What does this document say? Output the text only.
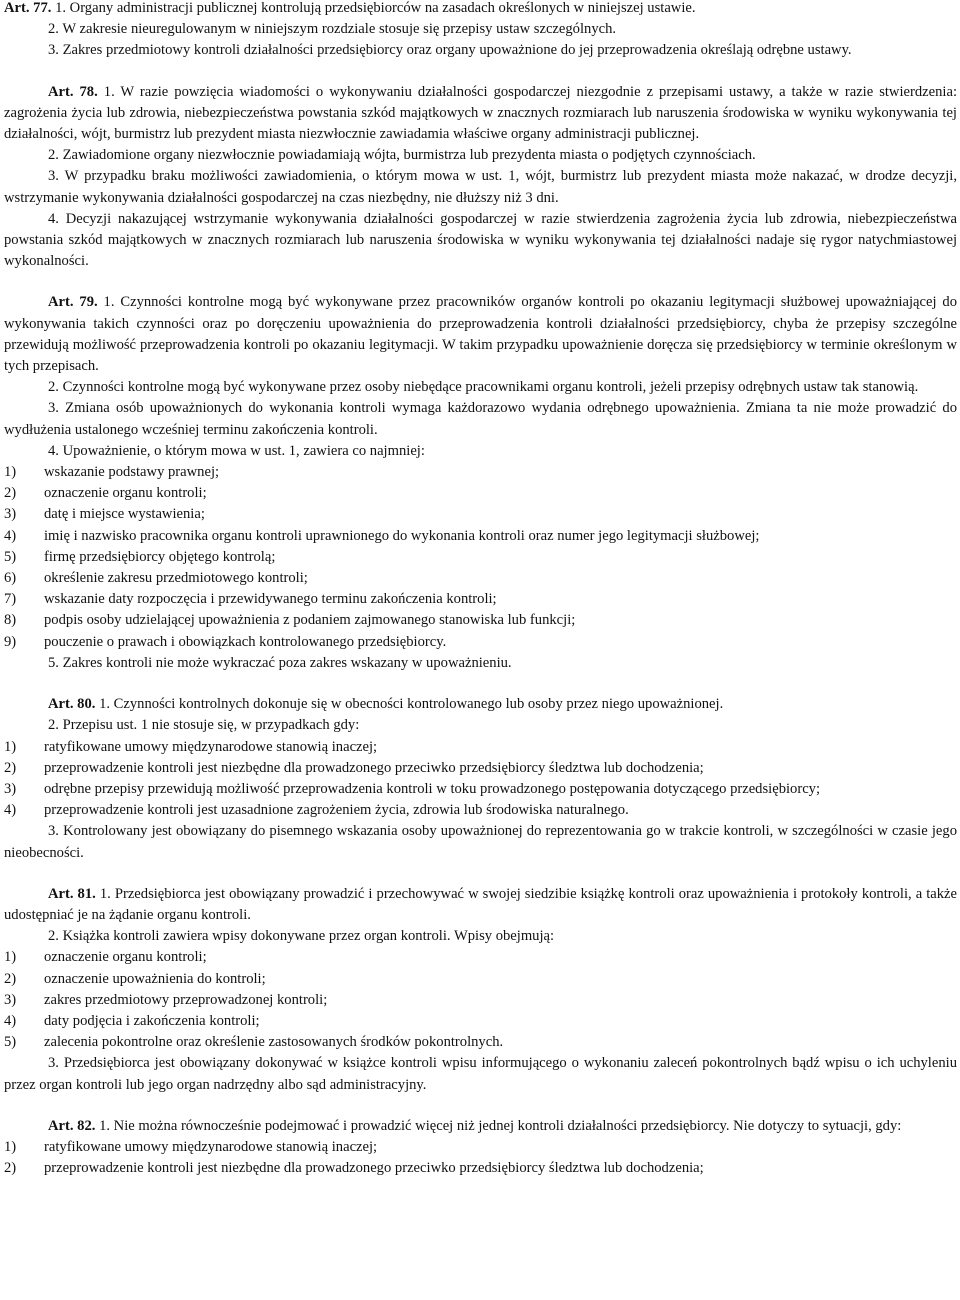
Art. 77. 1. Organy administracji publicznej kontrolują przedsiębiorców na zasadach określonych w niniejszej ustawie.

2. W zakresie nieuregulowanym w niniejszym rozdziale stosuje się przepisy ustaw szczególnych.

3. Zakres przedmiotowy kontroli działalności przedsiębiorcy oraz organy upoważnione do jej przeprowadzenia określają odrębne ustawy.

Art. 78. 1. W razie powzięcia wiadomości o wykonywaniu działalności gospodarczej niezgodnie z przepisami ustawy, a także w razie stwierdzenia: zagrożenia życia lub zdrowia, niebezpieczeństwa powstania szkód majątkowych w znacznych rozmiarach lub naruszenia środowiska w wyniku wykonywania tej działalności, wójt, burmistrz lub prezydent miasta niezwłocznie zawiadamia właściwe organy administracji publicznej.

2. Zawiadomione organy niezwłocznie powiadamiają wójta, burmistrza lub prezydenta miasta o podjętych czynnościach.

3. W przypadku braku możliwości zawiadomienia, o którym mowa w ust. 1, wójt, burmistrz lub prezydent miasta może nakazać, w drodze decyzji, wstrzymanie wykonywania działalności gospodarczej na czas niezbędny, nie dłuższy niż 3 dni.

4. Decyzji nakazującej wstrzymanie wykonywania działalności gospodarczej w razie stwierdzenia zagrożenia życia lub zdrowia, niebezpieczeństwa powstania szkód majątkowych w znacznych rozmiarach lub naruszenia środowiska w wyniku wykonywania tej działalności nadaje się rygor natychmiastowej wykonalności.

Art. 79. 1. Czynności kontrolne mogą być wykonywane przez pracowników organów kontroli po okazaniu legitymacji służbowej upoważniającej do wykonywania takich czynności oraz po doręczeniu upoważnienia do przeprowadzenia kontroli działalności przedsiębiorcy, chyba że przepisy szczególne przewidują możliwość przeprowadzenia kontroli po okazaniu legitymacji. W takim przypadku upoważnienie doręcza się przedsiębiorcy w terminie określonym w tych przepisach.

2. Czynności kontrolne mogą być wykonywane przez osoby niebędące pracownikami organu kontroli, jeżeli przepisy odrębnych ustaw tak stanowią.

3. Zmiana osób upoważnionych do wykonania kontroli wymaga każdorazowo wydania odrębnego upoważnienia. Zmiana ta nie może prowadzić do wydłużenia ustalonego wcześniej terminu zakończenia kontroli.

4. Upoważnienie, o którym mowa w ust. 1, zawiera co najmniej:

1)	wskazanie podstawy prawnej;
2)	oznaczenie organu kontroli;
3)	datę i miejsce wystawienia;
4)	imię i nazwisko pracownika organu kontroli uprawnionego do wykonania kontroli oraz numer jego legitymacji służbowej;
5)	firmę przedsiębiorcy objętego kontrolą;
6)	określenie zakresu przedmiotowego kontroli;
7)	wskazanie daty rozpoczęcia i przewidywanego terminu zakończenia kontroli;
8)	podpis osoby udzielającej upoważnienia z podaniem zajmowanego stanowiska lub funkcji;
9)	pouczenie o prawach i obowiązkach kontrolowanego przedsiębiorcy.

5. Zakres kontroli nie może wykraczać poza zakres wskazany w upoważnieniu.

Art. 80. 1. Czynności kontrolnych dokonuje się w obecności kontrolowanego lub osoby przez niego upoważnionej.

2. Przepisu ust. 1 nie stosuje się, w przypadkach gdy:

1)	ratyfikowane umowy międzynarodowe stanowią inaczej;
2)	przeprowadzenie kontroli jest niezbędne dla prowadzonego przeciwko przedsiębiorcy śledztwa lub dochodzenia;
3)	odrębne przepisy przewidują możliwość przeprowadzenia kontroli w toku prowadzonego postępowania dotyczącego przedsiębiorcy;
4)	przeprowadzenie kontroli jest uzasadnione zagrożeniem życia, zdrowia lub środowiska naturalnego.

3. Kontrolowany jest obowiązany do pisemnego wskazania osoby upoważnionej do reprezentowania go w trakcie kontroli, w szczególności w czasie jego nieobecności.

Art. 81. 1. Przedsiębiorca jest obowiązany prowadzić i przechowywać w swojej siedzibie książkę kontroli oraz upoważnienia i protokoły kontroli, a także udostępniać je na żądanie organu kontroli.

2. Książka kontroli zawiera wpisy dokonywane przez organ kontroli. Wpisy obejmują:

1)	oznaczenie organu kontroli;
2)	oznaczenie upoważnienia do kontroli;
3)	zakres przedmiotowy przeprowadzonej kontroli;
4)	daty podjęcia i zakończenia kontroli;
5)	zalecenia pokontrolne oraz określenie zastosowanych środków pokontrolnych.

3. Przedsiębiorca jest obowiązany dokonywać w książce kontroli wpisu informującego o wykonaniu zaleceń pokontrolnych bądź wpisu o ich uchyleniu przez organ kontroli lub jego organ nadrzędny albo sąd administracyjny.

Art. 82. 1. Nie można równocześnie podejmować i prowadzić więcej niż jednej kontroli działalności przedsiębiorcy. Nie dotyczy to sytuacji, gdy:

1)	ratyfikowane umowy międzynarodowe stanowią inaczej;
2)	przeprowadzenie kontroli jest niezbędne dla prowadzonego przeciwko przedsiębiorcy śledztwa lub dochodzenia;
